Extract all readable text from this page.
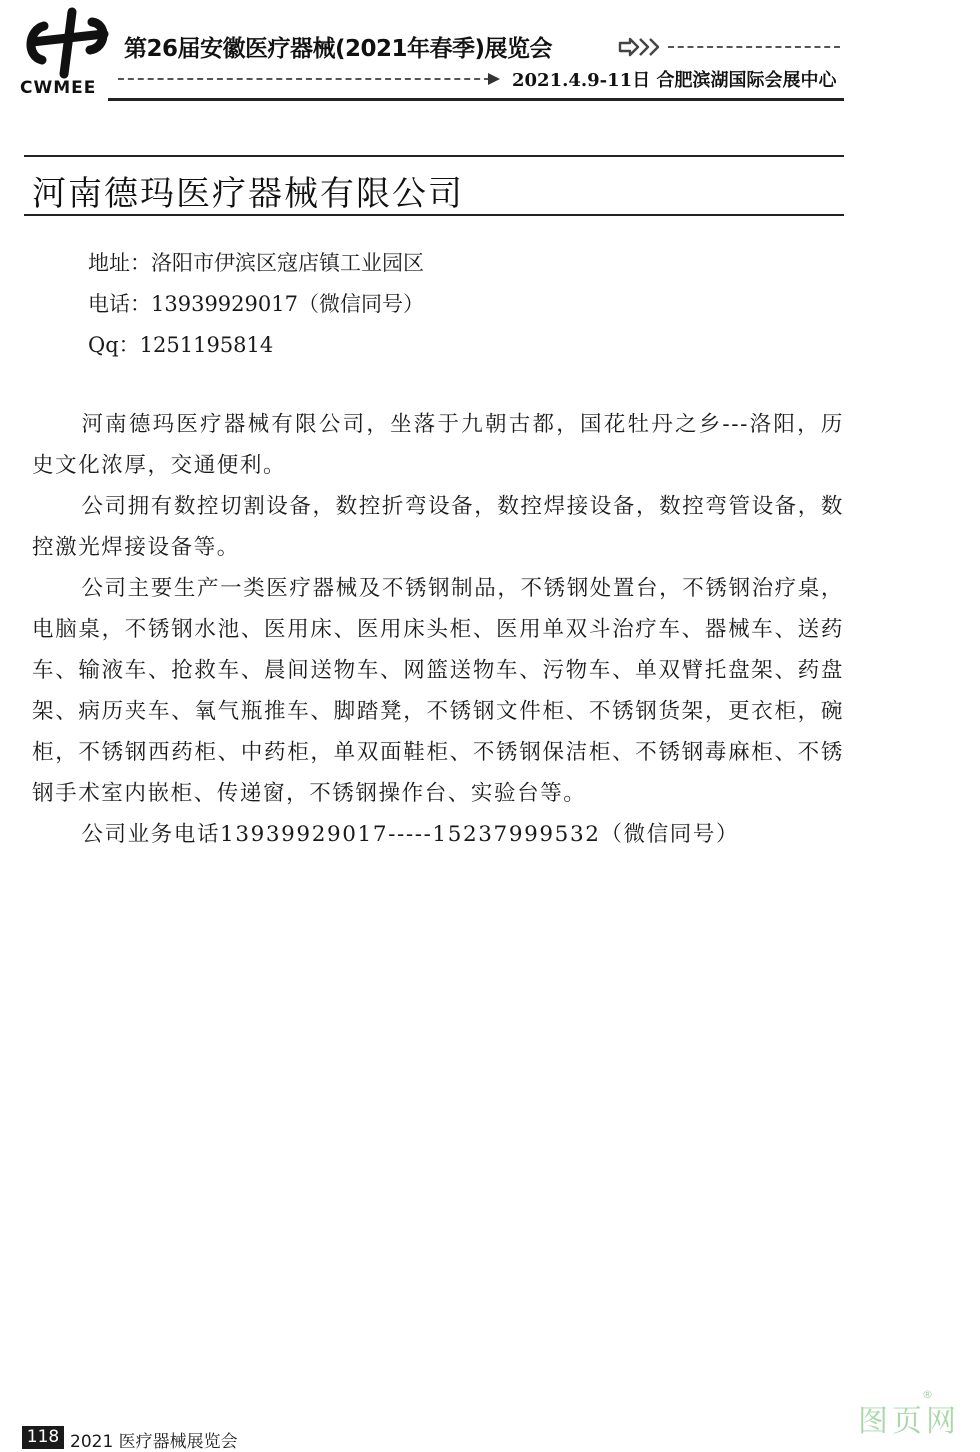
CWMEE
第26届安徽医疗器械(2021年春季)展览会
2021.4.9-11日 合肥滨湖国际会展中心
河南德玛医疗器械有限公司
地址：洛阳市伊滨区寇店镇工业园区
电话：13939929017（微信同号）
Qq：1251195814

河南德玛医疗器械有限公司，坐落于九朝古都，国花牡丹之乡---洛阳，历史文化浓厚，交通便利。

公司拥有数控切割设备，数控折弯设备，数控焊接设备，数控弯管设备，数控激光焊接设备等。

公司主要生产一类医疗器械及不锈钢制品，不锈钢处置台，不锈钢治疗桌，电脑桌，不锈钢水池、医用床、医用床头柜、医用单双斗治疗车、器械车、送药车、输液车、抢救车、晨间送物车、网篮送物车、污物车、单双臂托盘架、药盘架、病历夹车、氧气瓶推车、脚踏凳，不锈钢文件柜、不锈钢货架，更衣柜，碗柜，不锈钢西药柜、中药柜，单双面鞋柜、不锈钢保洁柜、不锈钢毒麻柜、不锈钢手术室内嵌柜、传递窗，不锈钢操作台、实验台等。

公司业务电话13939929017-----15237999532（微信同号）

118 2021 医疗器械展览会
图页网
®
